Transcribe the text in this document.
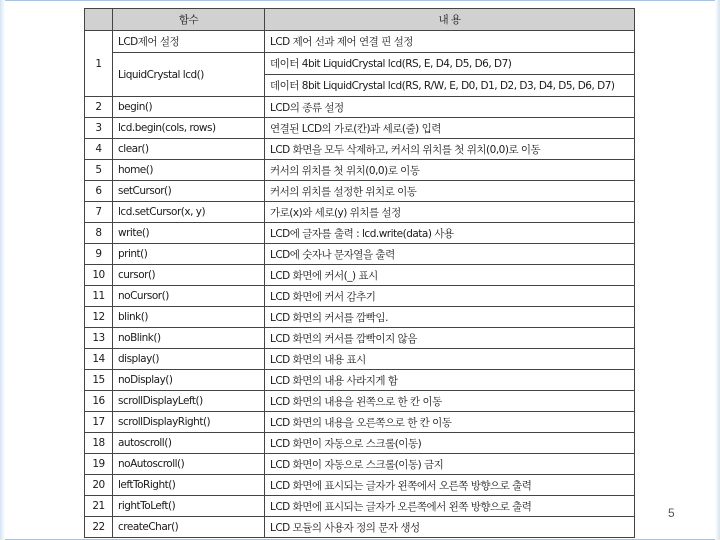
	함수	내 용
1	LCD제어 설정	LCD 제어 선과 제어 연결 핀 설정
	LiquidCrystal lcd()	데이터 4bit LiquidCrystal lcd(RS, E, D4, D5, D6, D7)
		데이터 8bit LiquidCrystal lcd(RS, R/W, E, D0, D1, D2, D3, D4, D5, D6, D7)
2	begin()	LCD의 종류 설정
3	lcd.begin(cols, rows)	연결된 LCD의 가로(칸)과 세로(줄) 입력
4	clear()	LCD 화면을 모두 삭제하고, 커서의 위치를 첫 위치(0,0)로 이동
5	home()	커서의 위치를 첫 위치(0,0)로 이동
6	setCursor()	커서의 위치를 설정한 위치로 이동
7	lcd.setCursor(x, y)	가로(x)와 세로(y) 위치를 설정
8	write()	LCD에 글자를 출력 : lcd.write(data) 사용
9	print()	LCD에 숫자나 문자열을 출력
10	cursor()	LCD 화면에 커서(_) 표시
11	noCursor()	LCD 화면에 커서 감추기
12	blink()	LCD 화면의 커서를 깜빡임.
13	noBlink()	LCD 화면의 커서를 깜빡이지 않음
14	display()	LCD 화면의 내용 표시
15	noDisplay()	LCD 화면의 내용 사라지게 함
16	scrollDisplayLeft()	LCD 화면의 내용을 왼쪽으로 한 칸 이동
17	scrollDisplayRight()	LCD 화면의 내용을 오른쪽으로 한 칸 이동
18	autoscroll()	LCD 화면이 자동으로 스크롤(이동)
19	noAutoscroll()	LCD 화면이 자동으로 스크롤(이동) 금지
20	leftToRight()	LCD 화면에 표시되는 글자가 왼쪽에서 오른쪽 방향으로 출력
21	rightToLeft()	LCD 화면에 표시되는 글자가 오른쪽에서 왼쪽 방향으로 출력
22	createChar()	LCD 모듈의 사용자 정의 문자 생성
5
